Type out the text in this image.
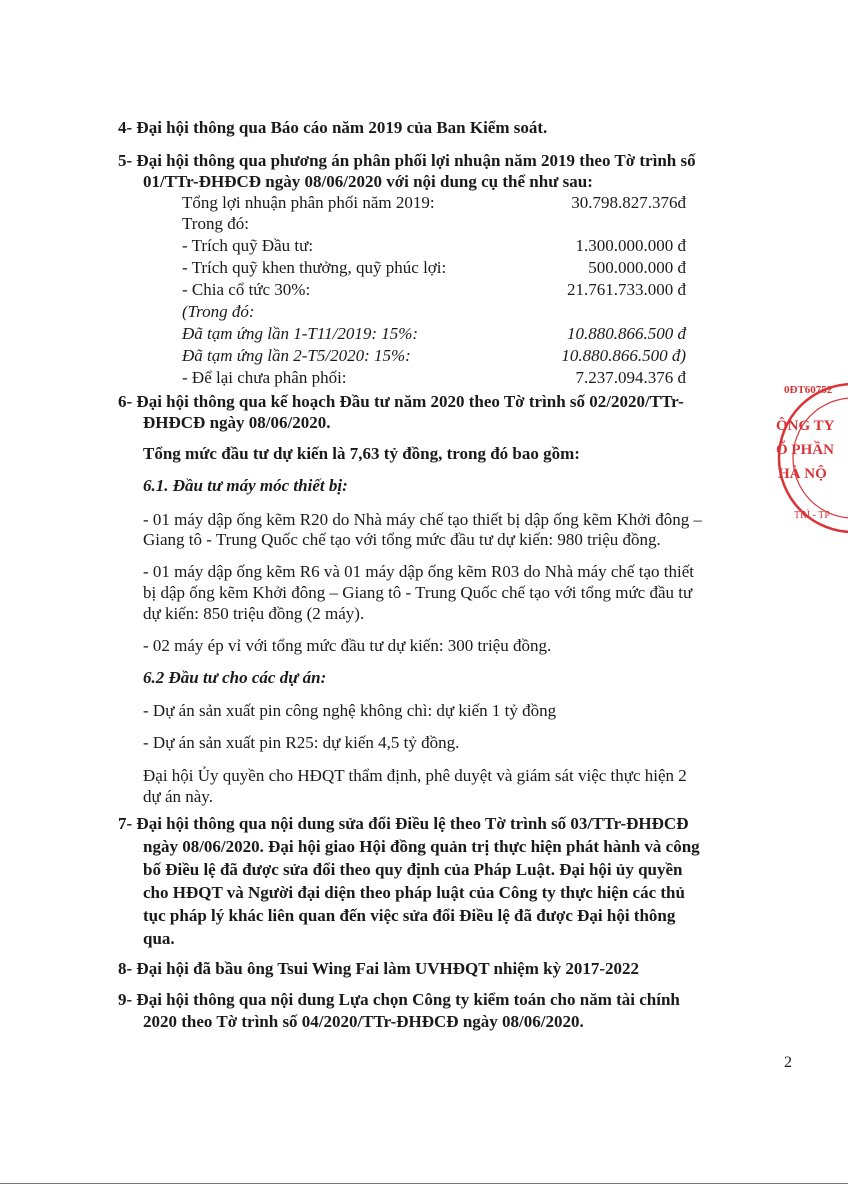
4- Đại hội thông qua Báo cáo năm 2019 của Ban Kiểm soát.
5- Đại hội thông qua phương án phân phối lợi nhuận năm 2019 theo Tờ trình số
01/TTr-ĐHĐCĐ ngày 08/06/2020 với nội dung cụ thể như sau:
Tổng lợi nhuận phân phối năm 2019:	30.798.827.376đ
Trong đó:
- Trích quỹ Đầu tư:	1.300.000.000 đ
- Trích quỹ khen thưởng, quỹ phúc lợi:	500.000.000 đ
- Chia cổ tức 30%:	21.761.733.000 đ
(Trong đó:
Đã tạm ứng lần 1-T11/2019: 15%:	10.880.866.500 đ
Đã tạm ứng lần 2-T5/2020: 15%:	10.880.866.500 đ)
- Để lại chưa phân phối:	7.237.094.376 đ
6- Đại hội thông qua kế hoạch Đầu tư năm 2020 theo Tờ trình số 02/2020/TTr-
ĐHĐCĐ ngày 08/06/2020.
Tổng mức đầu tư dự kiến là 7,63 tỷ đồng, trong đó bao gồm:
6.1. Đầu tư máy móc thiết bị:
- 01 máy dập ống kẽm R20 do Nhà máy chế tạo thiết bị dập ống kẽm Khởi đông –
Giang tô - Trung Quốc chế tạo với tổng mức đầu tư dự kiến: 980 triệu đồng.
- 01 máy dập ống kẽm R6 và 01 máy dập ống kẽm R03 do Nhà máy chế tạo thiết
bị dập ống kẽm Khởi đông – Giang tô - Trung Quốc chế tạo với tổng mức đầu tư
dự kiến: 850 triệu đồng (2 máy).
- 02 máy ép vỉ với tổng mức đầu tư dự kiến: 300 triệu đồng.
6.2 Đầu tư cho các dự án:
- Dự án sản xuất pin công nghệ không chì: dự kiến 1 tỷ đồng
- Dự án sản xuất pin R25: dự kiến 4,5 tỷ đồng.
Đại hội Ủy quyền cho HĐQT thẩm định, phê duyệt và giám sát việc thực hiện 2
dự án này.
7- Đại hội thông qua nội dung sửa đổi Điều lệ theo Tờ trình số 03/TTr-ĐHĐCĐ
ngày 08/06/2020. Đại hội giao Hội đồng quản trị thực hiện phát hành và công
bố Điều lệ đã được sửa đổi theo quy định của Pháp Luật. Đại hội ủy quyền
cho HĐQT và Người đại diện theo pháp luật của Công ty thực hiện các thủ
tục pháp lý khác liên quan đến việc sửa đổi Điều lệ đã được Đại hội thông
qua.
8- Đại hội đã bầu ông Tsui Wing Fai làm UVHĐQT nhiệm kỳ 2017-2022
9- Đại hội thông qua nội dung Lựa chọn Công ty kiểm toán cho năm tài chính
2020 theo Tờ trình số 04/2020/TTr-ĐHĐCĐ ngày 08/06/2020.
2
0ĐT60752
ÔNG TY
Ổ PHẦN
HÀ NỘ
TRÌ - TP
